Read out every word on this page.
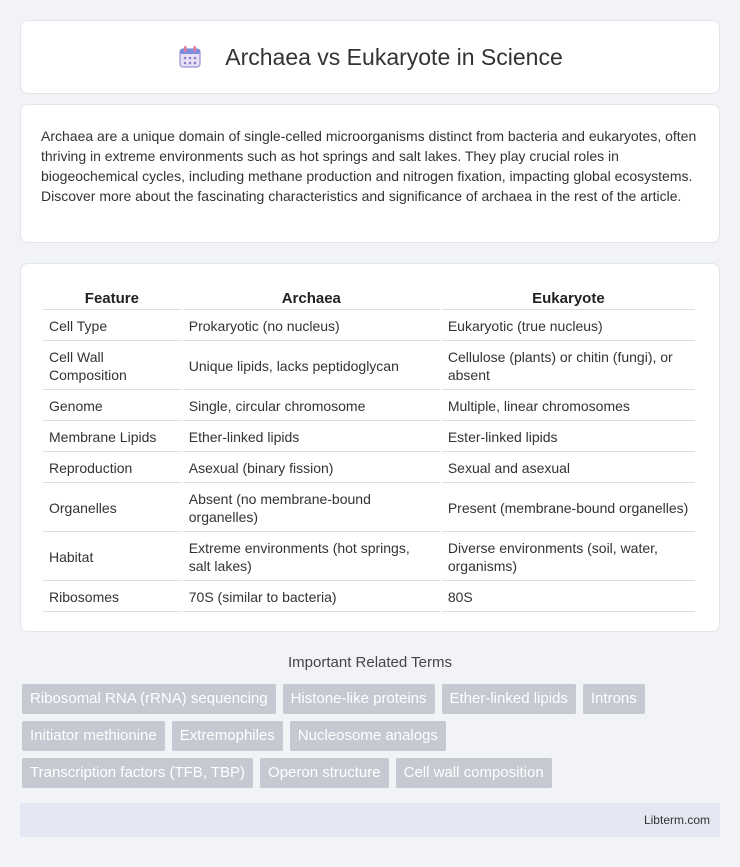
Archaea vs Eukaryote in Science

Archaea are a unique domain of single-celled microorganisms distinct from bacteria and eukaryotes, often thriving in extreme environments such as hot springs and salt lakes. They play crucial roles in biogeochemical cycles, including methane production and nitrogen fixation, impacting global ecosystems. Discover more about the fascinating characteristics and significance of archaea in the rest of the article.

Feature	Archaea	Eukaryote
Cell Type	Prokaryotic (no nucleus)	Eukaryotic (true nucleus)
Cell Wall Composition	Unique lipids, lacks peptidoglycan	Cellulose (plants) or chitin (fungi), or absent
Genome	Single, circular chromosome	Multiple, linear chromosomes
Membrane Lipids	Ether-linked lipids	Ester-linked lipids
Reproduction	Asexual (binary fission)	Sexual and asexual
Organelles	Absent (no membrane-bound organelles)	Present (membrane-bound organelles)
Habitat	Extreme environments (hot springs, salt lakes)	Diverse environments (soil, water, organisms)
Ribosomes	70S (similar to bacteria)	80S
Important Related Terms
Ribosomal RNA (rRNA) sequencing	Histone-like proteins	Ether-linked lipids	Introns
Initiator methionine	Extremophiles	Nucleosome analogs
Transcription factors (TFB, TBP)	Operon structure	Cell wall composition
Libterm.com
